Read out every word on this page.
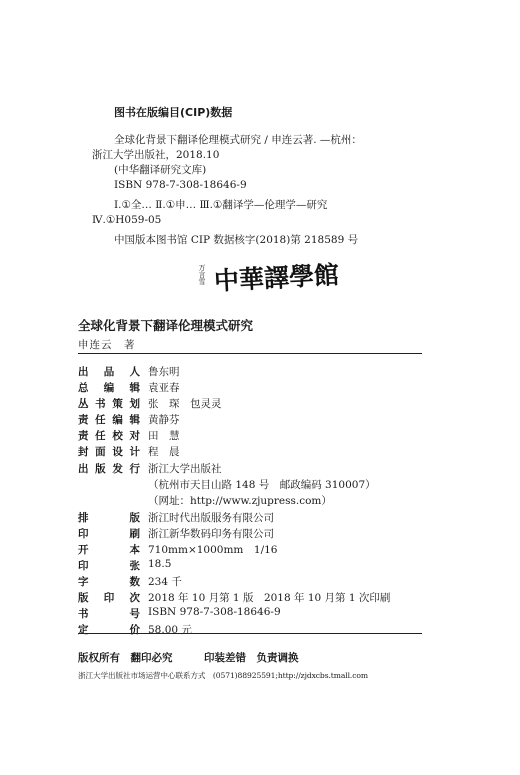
图书在版编目(CIP)数据
全球化背景下翻译伦理模式研究 / 申连云著. —杭州：
浙江大学出版社，2018.10
(中华翻译研究文库)
ISBN 978-7-308-18646-9
Ⅰ.①全… Ⅱ.①申… Ⅲ.①翻译学—伦理学—研究
Ⅳ.①H059-05
中国版本图书馆 CIP 数据核字(2018)第 218589 号
万言雪 中華譯學館
全球化背景下翻译伦理模式研究
申连云　著
出 品 人 鲁东明
总 编 辑 袁亚春
丛 书 策 划 张　琛　包灵灵
责 任 编 辑 黄静芬
责 任 校 对 田　慧
封 面 设 计 程　晨
出 版 发 行 浙江大学出版社
（杭州市天目山路 148 号　邮政编码 310007）
（网址：http://www.zjupress.com）
排	版 浙江时代出版服务有限公司
印	刷 浙江新华数码印务有限公司
开	本 710mm×1000mm　1/16
印	张 18.5
字	数 234 千
版 印 次 2018 年 10 月第 1 版　2018 年 10 月第 1 次印刷
书	号 ISBN 978-7-308-18646-9
定	价 58.00 元
版权所有　翻印必究　　　印装差错　负责调换
浙江大学出版社市场运营中心联系方式　(0571)88925591;http://zjdxcbs.tmall.com
